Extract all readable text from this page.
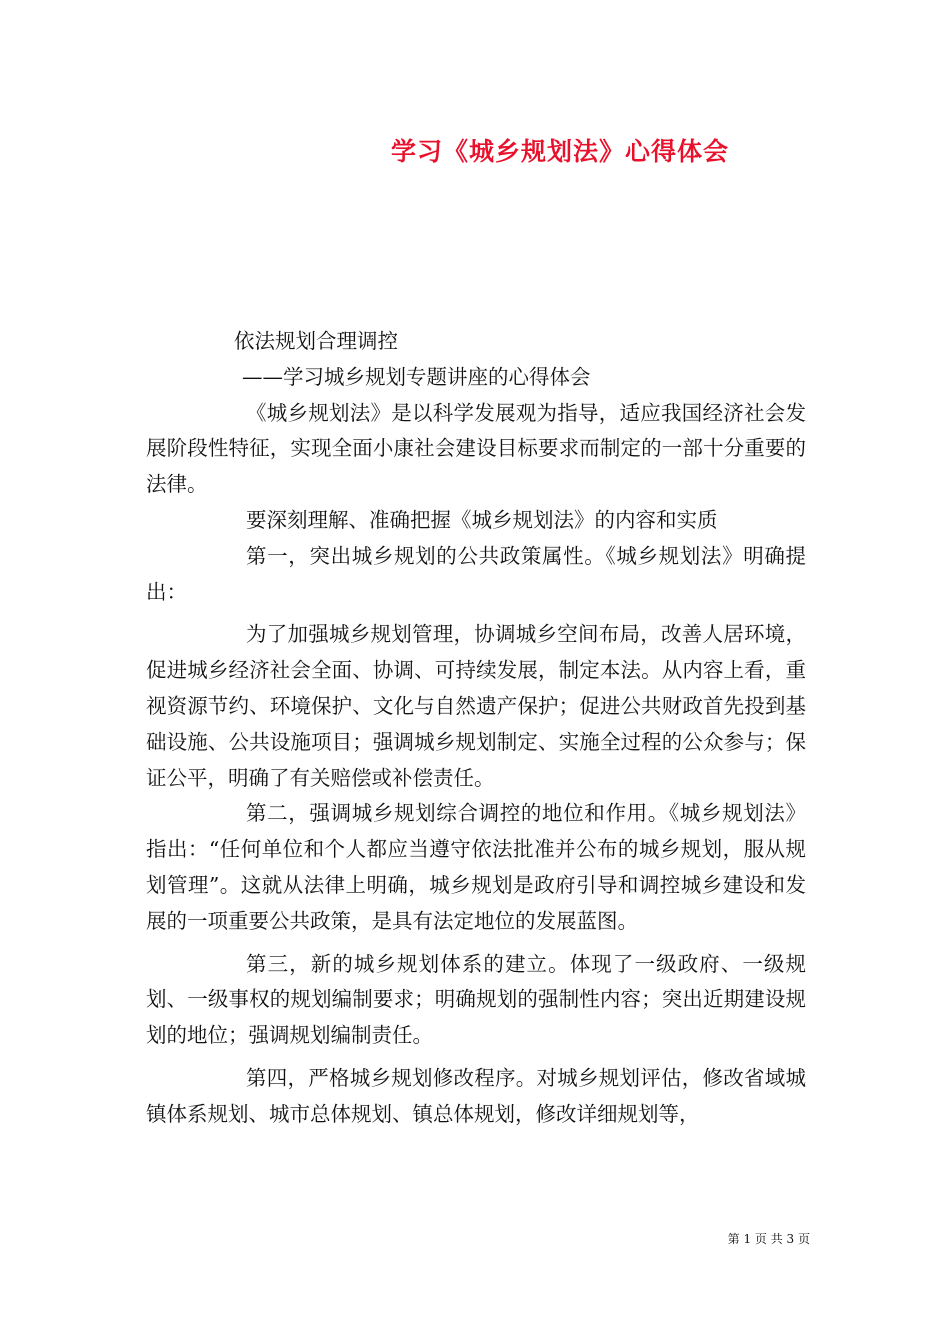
学习《城乡规划法》心得体会

依法规划合理调控

——学习城乡规划专题讲座的心得体会

《城乡规划法》是以科学发展观为指导，适应我国经济社会发展阶段性特征，实现全面小康社会建设目标要求而制定的一部十分重要的法律。

要深刻理解、准确把握《城乡规划法》的内容和实质

第一，突出城乡规划的公共政策属性。《城乡规划法》明确提出：

为了加强城乡规划管理，协调城乡空间布局，改善人居环境，促进城乡经济社会全面、协调、可持续发展，制定本法。从内容上看，重视资源节约、环境保护、文化与自然遗产保护；促进公共财政首先投到基础设施、公共设施项目；强调城乡规划制定、实施全过程的公众参与；保证公平，明确了有关赔偿或补偿责任。

第二，强调城乡规划综合调控的地位和作用。《城乡规划法》指出：“任何单位和个人都应当遵守依法批准并公布的城乡规划，服从规划管理”。这就从法律上明确，城乡规划是政府引导和调控城乡建设和发展的一项重要公共政策，是具有法定地位的发展蓝图。

第三，新的城乡规划体系的建立。体现了一级政府、一级规划、一级事权的规划编制要求；明确规划的强制性内容；突出近期建设规划的地位；强调规划编制责任。

第四，严格城乡规划修改程序。对城乡规划评估，修改省域城镇体系规划、城市总体规划、镇总体规划，修改详细规划等，

第 1 页 共 3 页
